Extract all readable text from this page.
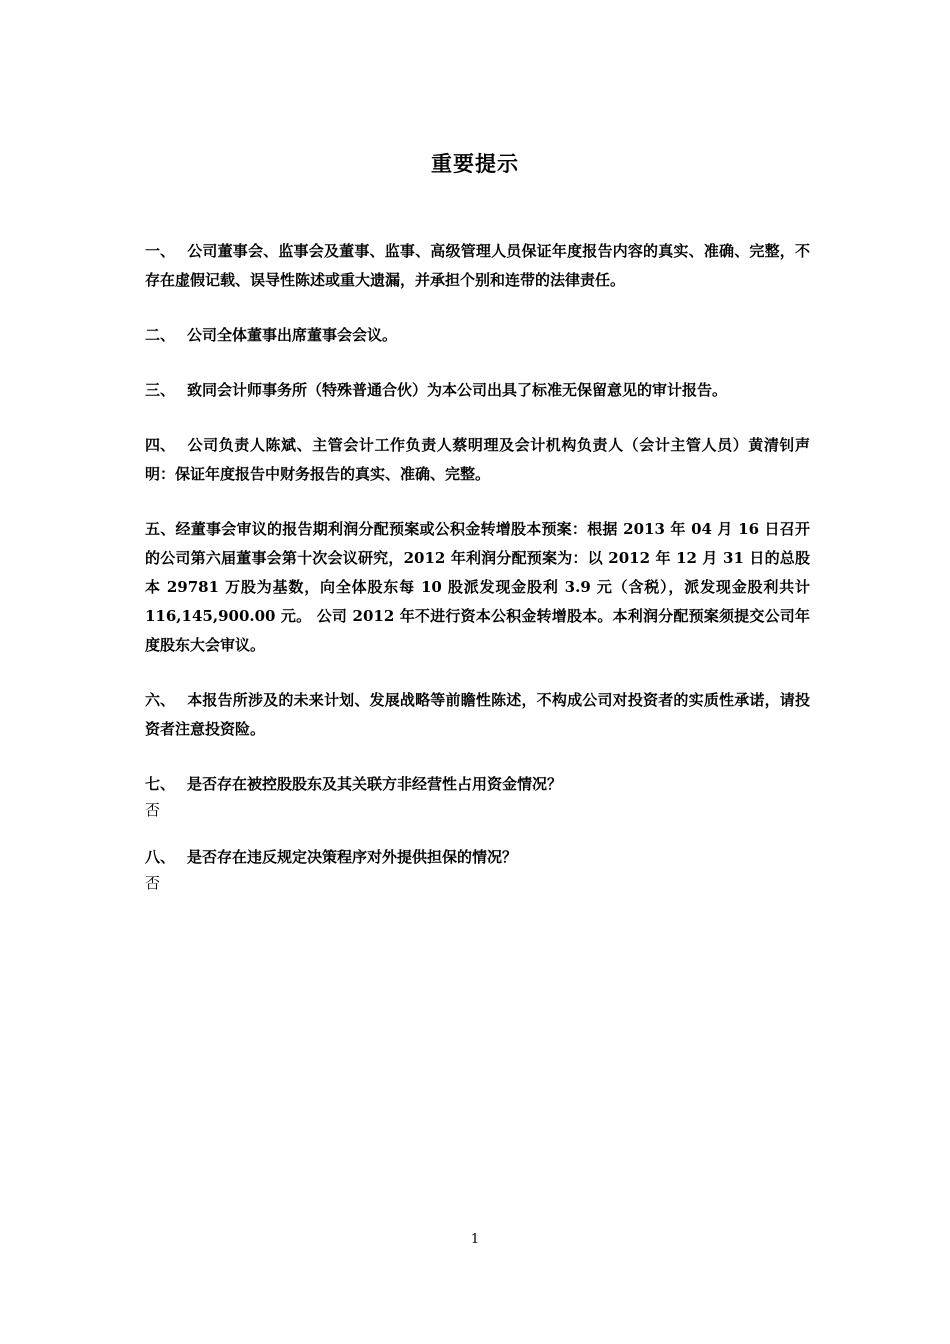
重要提示
一、 公司董事会、监事会及董事、监事、高级管理人员保证年度报告内容的真实、准确、完整，不存在虚假记载、误导性陈述或重大遗漏，并承担个别和连带的法律责任。
二、 公司全体董事出席董事会会议。
三、 致同会计师事务所（特殊普通合伙）为本公司出具了标准无保留意见的审计报告。
四、 公司负责人陈斌、主管会计工作负责人蔡明理及会计机构负责人（会计主管人员）黄清钊声明：保证年度报告中财务报告的真实、准确、完整。
五、经董事会审议的报告期利润分配预案或公积金转增股本预案：根据 2013 年 04 月 16 日召开的公司第六届董事会第十次会议研究，2012 年利润分配预案为：以 2012 年 12 月 31 日的总股本 29781 万股为基数，向全体股东每 10 股派发现金股利 3.9 元（含税），派发现金股利共计 116,145,900.00 元。 公司 2012 年不进行资本公积金转增股本。本利润分配预案须提交公司年度股东大会审议。
六、 本报告所涉及的未来计划、发展战略等前瞻性陈述，不构成公司对投资者的实质性承诺，请投资者注意投资险。
七、 是否存在被控股股东及其关联方非经营性占用资金情况？
否
八、 是否存在违反规定决策程序对外提供担保的情况？
否
1
